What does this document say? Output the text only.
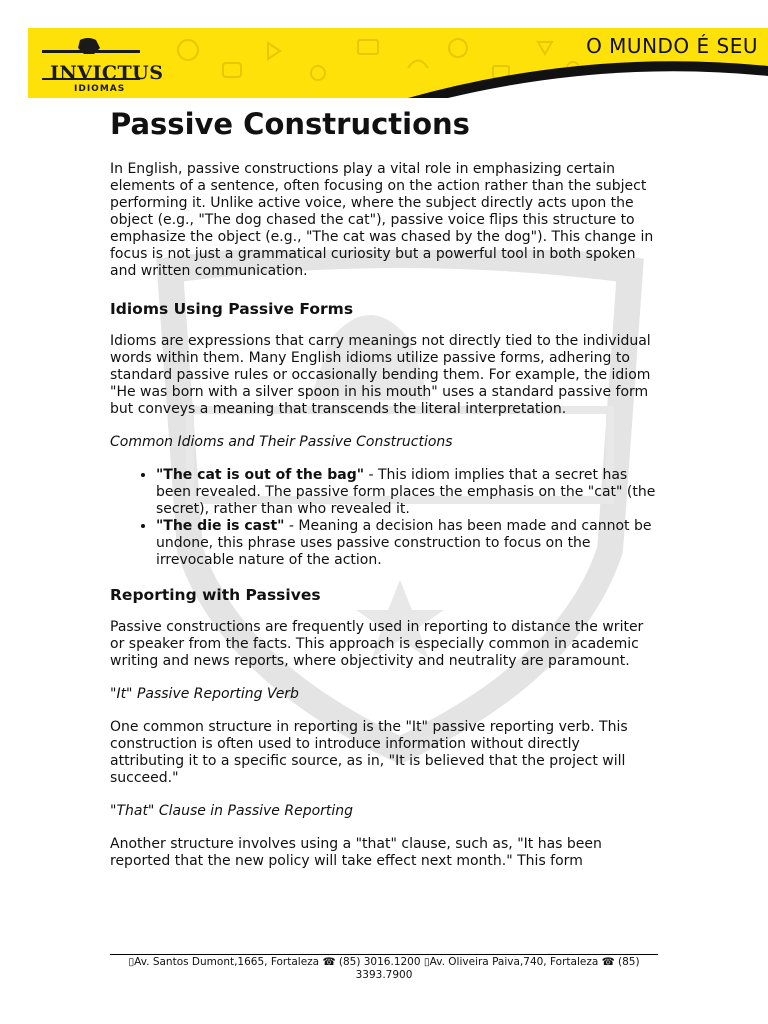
INVICTUS
IDIOMAS
O MUNDO É SEU
Passive Constructions

In English, passive constructions play a vital role in emphasizing certain elements of a sentence, often focusing on the action rather than the subject performing it. Unlike active voice, where the subject directly acts upon the object (e.g., "The dog chased the cat"), passive voice flips this structure to emphasize the object (e.g., "The cat was chased by the dog"). This change in focus is not just a grammatical curiosity but a powerful tool in both spoken and written communication.

Idioms Using Passive Forms

Idioms are expressions that carry meanings not directly tied to the individual words within them. Many English idioms utilize passive forms, adhering to standard passive rules or occasionally bending them. For example, the idiom "He was born with a silver spoon in his mouth" uses a standard passive form but conveys a meaning that transcends the literal interpretation.

Common Idioms and Their Passive Constructions

• "The cat is out of the bag" - This idiom implies that a secret has been revealed. The passive form places the emphasis on the "cat" (the secret), rather than who revealed it.
• "The die is cast" - Meaning a decision has been made and cannot be undone, this phrase uses passive construction to focus on the irrevocable nature of the action.
Reporting with Passives

Passive constructions are frequently used in reporting to distance the writer or speaker from the facts. This approach is especially common in academic writing and news reports, where objectivity and neutrality are paramount.

"It" Passive Reporting Verb

One common structure in reporting is the "It" passive reporting verb. This construction is often used to introduce information without directly attributing it to a specific source, as in, "It is believed that the project will succeed."

"That" Clause in Passive Reporting

Another structure involves using a "that" clause, such as, "It has been reported that the new policy will take effect next month." This form

▯Av. Santos Dumont,1665, Fortaleza ☎ (85) 3016.1200 ▯Av. Oliveira Paiva,740, Fortaleza ☎ (85)
3393.7900
